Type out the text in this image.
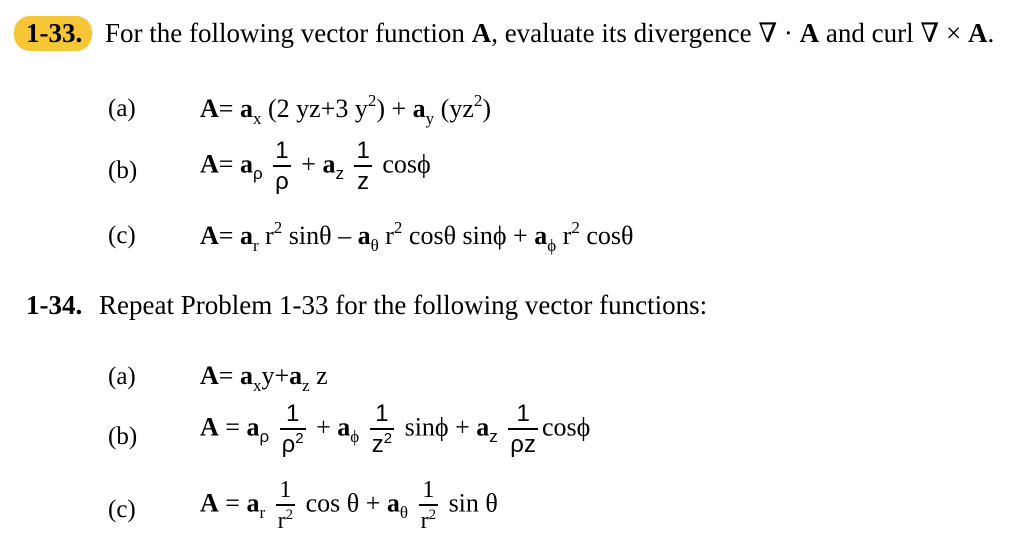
1-33. For the following vector function A, evaluate its divergence ∇ · A and curl ∇ × A.
(a) $A= a_x$ (2 yz+3 $y^2) + a_y$ $(yz^2)$
(b) $A= a_\rho \frac{1}{\rho} + a_z \frac{1}{z}$ cosϕ
(c) $A= a_r$ $r^2$ sinθ – $a_\theta$ $r^2$ cosθ $\sin\phi + a_\phi$ $r^2$ cosθ
1-34. Repeat Problem 1-33 for the following vector functions:
(a) $A= a_xy+a_z$ z
(b) $A = a_\rho \frac{1}{\rho^2} + a_\phi \frac{1}{z^2}$ $\sin\phi + a_z \frac{1}{\rho z}$ cosϕ
(c) $A = a_r \frac{1}{r^2}$ $\cos \theta + a_\theta \frac{1}{r^2}$ sin θ
